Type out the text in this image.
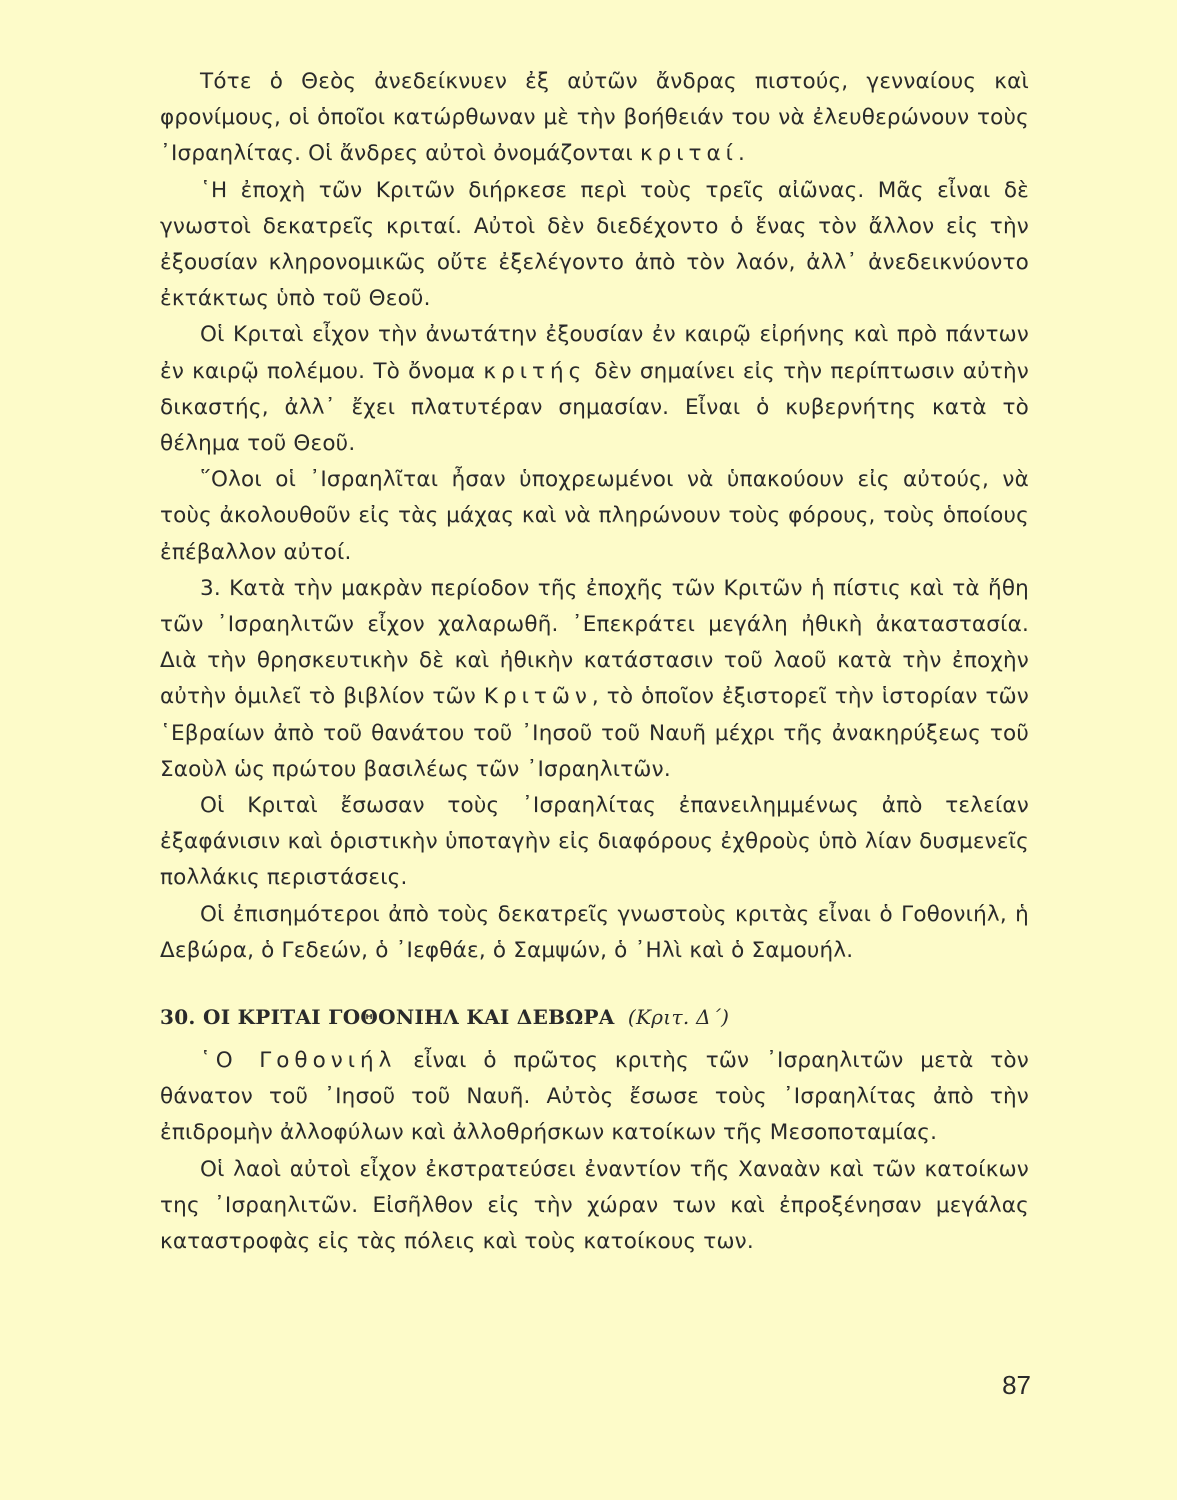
Τότε ὁ Θεὸς ἀνεδείκνυεν ἐξ αὐτῶν ἄνδρας πιστούς, γενναίους καὶ φρονίμους, οἱ ὁποῖοι κατώρθωναν μὲ τὴν βοήθειάν του νὰ ἐλευθερώνουν τοὺς ᾿Ισραηλίτας. Οἱ ἄνδρες αὐτοὶ ὀνομάζονται κριταί.

῾Η ἐποχὴ τῶν Κριτῶν διήρκεσε περὶ τοὺς τρεῖς αἰῶνας. Μᾶς εἶναι δὲ γνωστοὶ δεκατρεῖς κριταί. Αὐτοὶ δὲν διεδέχοντο ὁ ἕνας τὸν ἄλλον εἰς τὴν ἐξουσίαν κληρονομικῶς οὔτε ἐξελέγοντο ἀπὸ τὸν λαόν, ἀλλ᾿ ἀνεδεικνύοντο ἐκτάκτως ὑπὸ τοῦ Θεοῦ.

Οἱ Κριταὶ εἶχον τὴν ἀνωτάτην ἐξουσίαν ἐν καιρῷ εἰρήνης καὶ πρὸ πάντων ἐν καιρῷ πολέμου. Τὸ ὄνομα κριτής δὲν σημαίνει εἰς τὴν περίπτωσιν αὐτὴν δικαστής, ἀλλ᾿ ἔχει πλατυτέραν σημασίαν. Εἶναι ὁ κυβερνήτης κατὰ τὸ θέλημα τοῦ Θεοῦ.

῞Ολοι οἱ ᾿Ισραηλῖται ἦσαν ὑποχρεωμένοι νὰ ὑπακούουν εἰς αὐτούς, νὰ τοὺς ἀκολουθοῦν εἰς τὰς μάχας καὶ νὰ πληρώνουν τοὺς φόρους, τοὺς ὁποίους ἐπέβαλλον αὐτοί.

3. Κατὰ τὴν μακρὰν περίοδον τῆς ἐποχῆς τῶν Κριτῶν ἡ πίστις καὶ τὰ ἤθη τῶν ᾿Ισραηλιτῶν εἶχον χαλαρωθῆ. ᾿Επεκράτει μεγάλη ἠθικὴ ἀκαταστασία. Διὰ τὴν θρησκευτικὴν δὲ καὶ ἠθικὴν κατάστασιν τοῦ λαοῦ κατὰ τὴν ἐποχὴν αὐτὴν ὁμιλεῖ τὸ βιβλίον τῶν Κριτῶν, τὸ ὁποῖον ἐξιστορεῖ τὴν ἱστορίαν τῶν ῾Εβραίων ἀπὸ τοῦ θανάτου τοῦ ᾿Ιησοῦ τοῦ Ναυῆ μέχρι τῆς ἀνακηρύξεως τοῦ Σαοὺλ ὡς πρώτου βασιλέως τῶν ᾿Ισραηλιτῶν.

Οἱ Κριταὶ ἔσωσαν τοὺς ᾿Ισραηλίτας ἐπανειλημμένως ἀπὸ τελείαν ἐξαφάνισιν καὶ ὁριστικὴν ὑποταγὴν εἰς διαφόρους ἐχθροὺς ὑπὸ λίαν δυσμενεῖς πολλάκις περιστάσεις.

Οἱ ἐπισημότεροι ἀπὸ τοὺς δεκατρεῖς γνωστοὺς κριτὰς εἶναι ὁ Γοθονιήλ, ἡ Δεβώρα, ὁ Γεδεών, ὁ ᾿Ιεφθάε, ὁ Σαμψών, ὁ ᾿Ηλὶ καὶ ὁ Σαμουήλ.

30. ΟΙ ΚΡΙΤΑΙ ΓΟΘΟΝΙΗΛ ΚΑΙ ΔΕΒΩΡΑ (Κριτ. Δ΄)

῾Ο Γοθονιήλ εἶναι ὁ πρῶτος κριτὴς τῶν ᾿Ισραηλιτῶν μετὰ τὸν θάνατον τοῦ ᾿Ιησοῦ τοῦ Ναυῆ. Αὐτὸς ἔσωσε τοὺς ᾿Ισραηλίτας ἀπὸ τὴν ἐπιδρομὴν ἀλλοφύλων καὶ ἀλλοθρήσκων κατοίκων τῆς Μεσοποταμίας.

Οἱ λαοὶ αὐτοὶ εἶχον ἐκστρατεύσει ἐναντίον τῆς Χαναὰν καὶ τῶν κατοίκων της ᾿Ισραηλιτῶν. Εἰσῆλθον εἰς τὴν χώραν των καὶ ἐπροξένησαν μεγάλας καταστροφὰς εἰς τὰς πόλεις καὶ τοὺς κατοίκους των.

87
